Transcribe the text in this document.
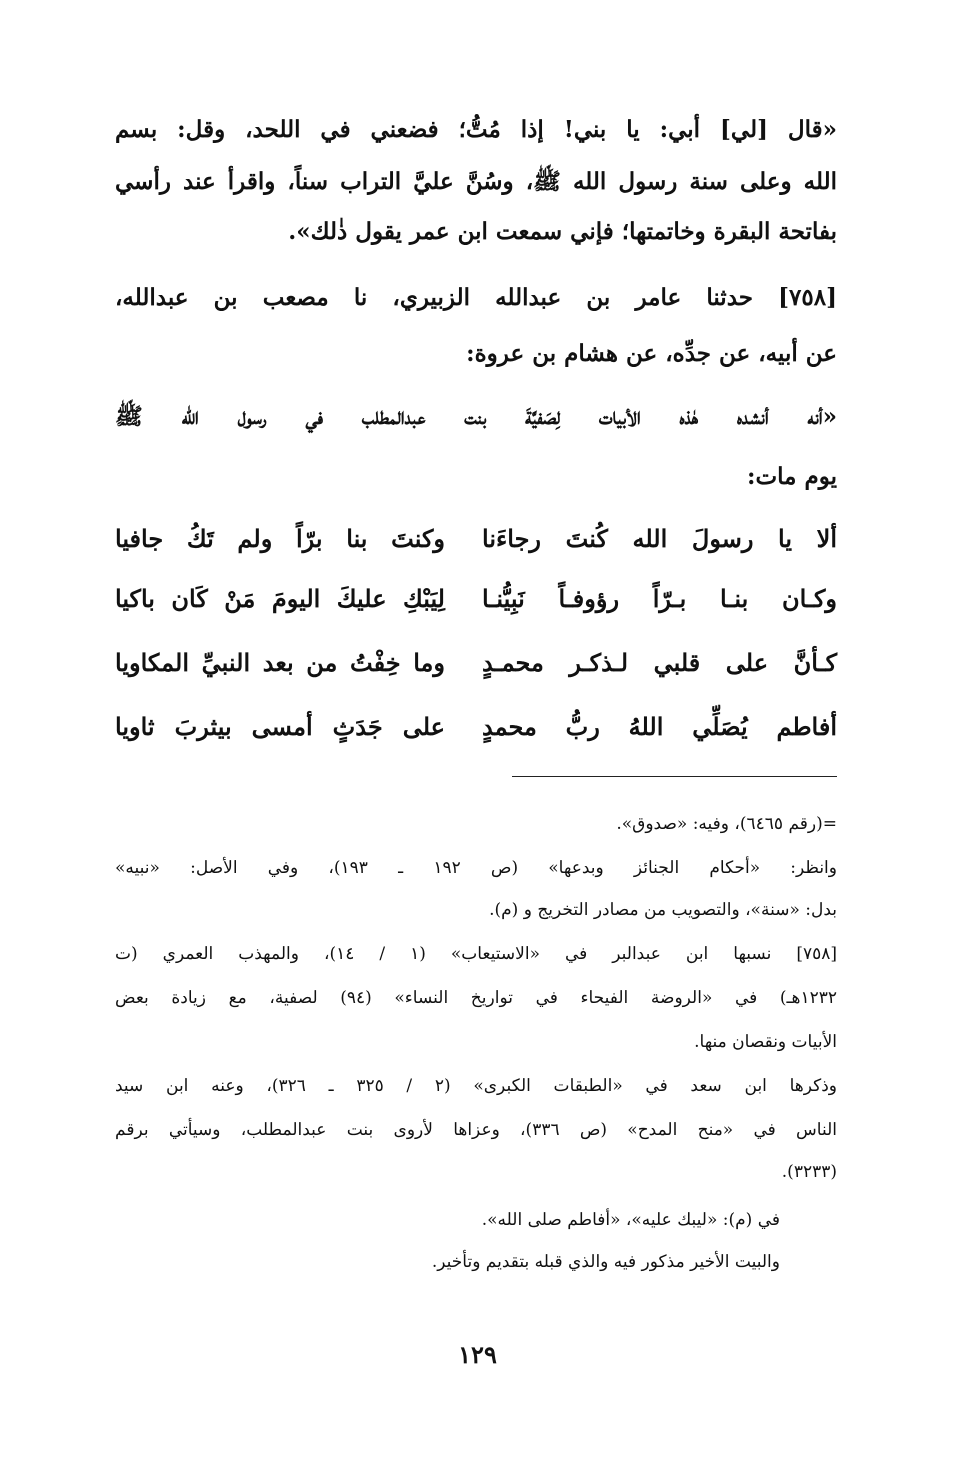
«قال [لي] أبي: يا بني! إذا مُتُّ؛ فضعني في اللحد، وقل: بسم
الله وعلى سنة رسول الله ﷺ، وسُنَّ عليَّ التراب سناً، واقرأ عند رأسي
بفاتحة البقرة وخاتمتها؛ فإني سمعت ابن عمر يقول ذٰلك».
[٧٥٨] حدثنا عامر بن عبدالله الزبيري، نا مصعب بن عبدالله،
عن أبيه، عن جدِّه، عن هشام بن عروة:
«أنه أنشده هٰذه الأبيات لِصَفيَّةَ بنت عبدالمطلب في رسول الله ﷺ
يوم مات:
ألا يا رسولَ الله كُنتَ رجاءَنا
وكنتَ بنا برّاً ولم تَكُ جافيا
وكـان بنـا بـرّاً رؤوفـاً نَبِيُّنـا
لِيَبْكِ عليكَ اليومَ مَنْ كَان باكيا
كـأنَّ على قلبي لـذكـر محمـدٍ
وما خِفْتُ من بعد النبيِّ المكاويا
أفاطم يُصَلِّي اللهُ ربُّ محمدٍ
على جَدَثٍ أمسى بيثربَ ثاويا
=(رقم ٦٤٦٥)، وفيه: «صدوق».
وانظر: «أحكام الجنائز وبدعها» (ص ١٩٢ ـ ١٩٣)، وفي الأصل: «نبيه»
بدل: «سنة»، والتصويب من مصادر التخريج و (م).
[٧٥٨] نسبها ابن عبدالبر في «الاستيعاب» (١ / ١٤)، والمهذب العمري (ت
١٢٣٢هـ) في «الروضة الفيحاء في تواريخ النساء» (٩٤) لصفية، مع زيادة بعض
الأبيات ونقصان منها.
وذكرها ابن سعد في «الطبقات الكبرى» (٢ / ٣٢٥ ـ ٣٢٦)، وعنه ابن سيد
الناس في «منح المدح» (ص ٣٣٦)، وعزاها لأروى بنت عبدالمطلب، وسيأتي برقم
(٣٢٣٣).
في (م): «ليبك عليه»، «أفاطم صلى الله».
والبيت الأخير مذكور فيه والذي قبله بتقديم وتأخير.
١٢٩
